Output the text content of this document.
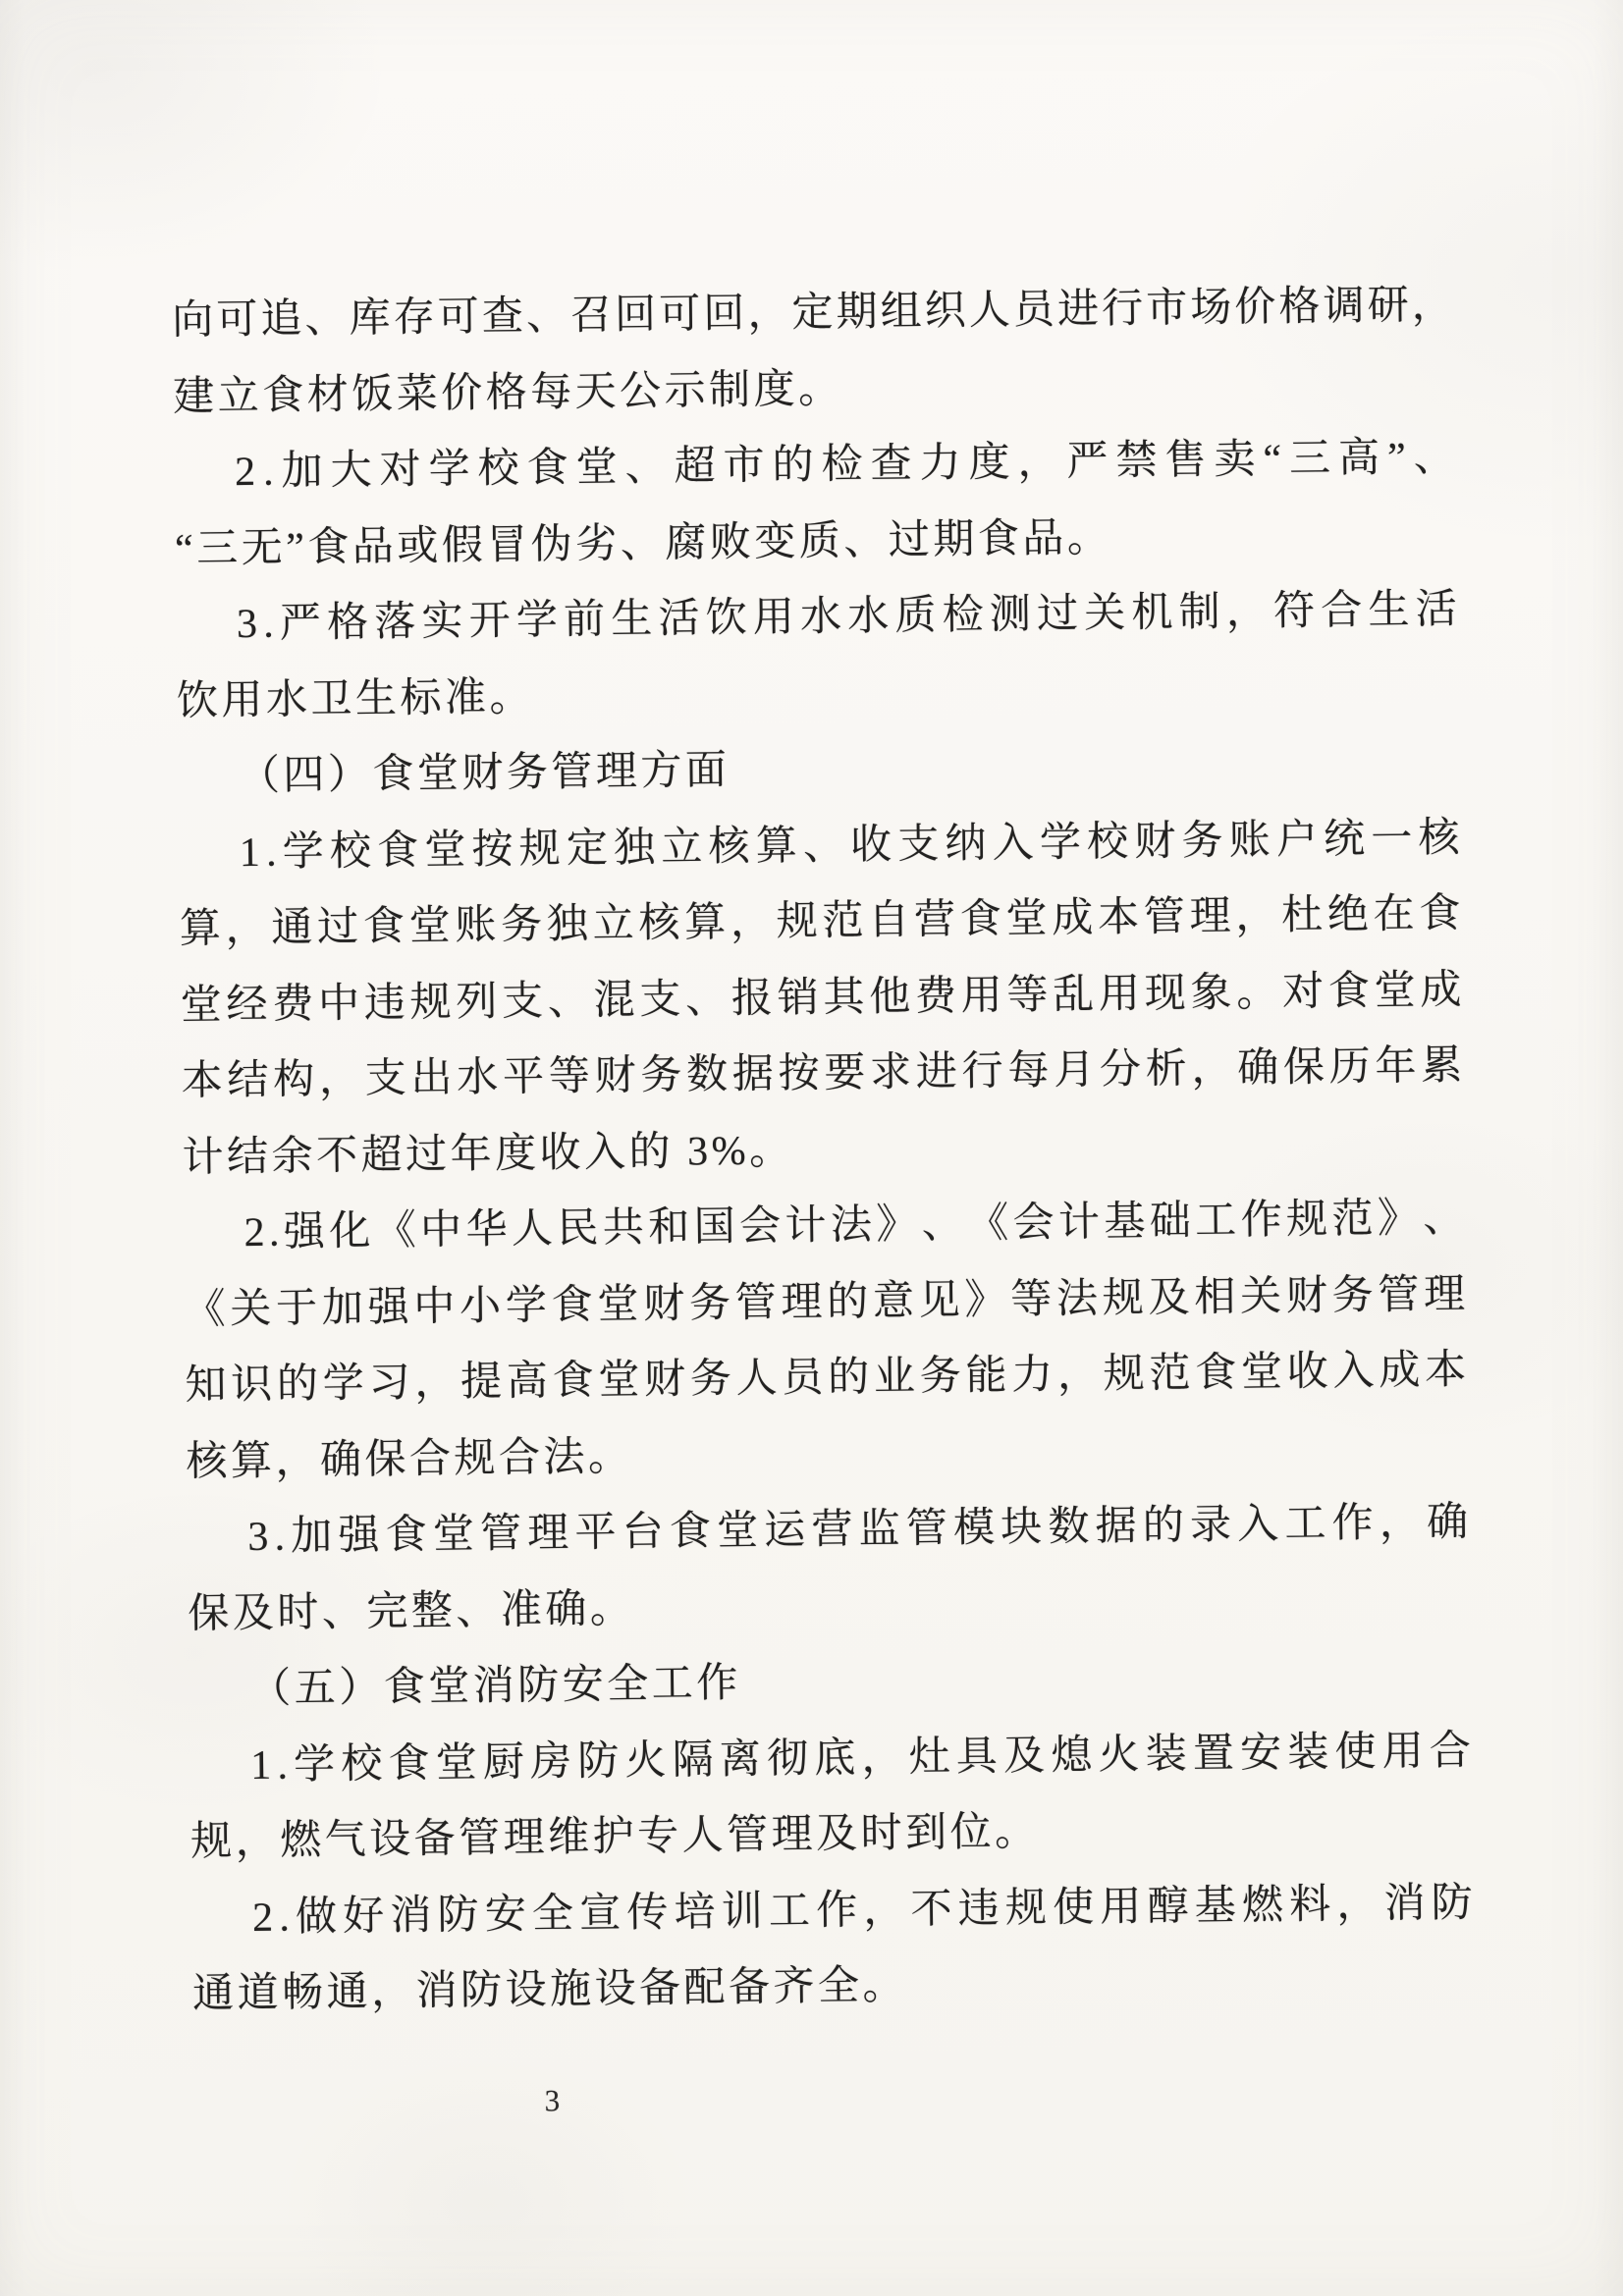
向 可 追 、 库 存 可 查 、 召 回 可 回 ， 定 期 组 织 人 员 进 行 市 场 价 格 调 研 ，
建立食材饭菜价格每天公示制度。
2 . 加 大 对 学 校 食 堂 、 超 市 的 检 查 力 度 ， 严 禁 售 卖 “ 三 高 ” 、
“三无”食品或假冒伪劣、腐败变质、过期食品。
3 . 严 格 落 实 开 学 前 生 活 饮 用 水 水 质 检 测 过 关 机 制 ， 符 合 生 活
饮用水卫生标准。
（四）食堂财务管理方面
1 . 学 校 食 堂 按 规 定 独 立 核 算 、 收 支 纳 入 学 校 财 务 账 户 统 一 核
算 ， 通 过 食 堂 账 务 独 立 核 算 ， 规 范 自 营 食 堂 成 本 管 理 ， 杜 绝 在 食
堂 经 费 中 违 规 列 支 、 混 支 、 报 销 其 他 费 用 等 乱 用 现 象 。 对 食 堂 成
本 结 构 ， 支 出 水 平 等 财 务 数 据 按 要 求 进 行 每 月 分 析 ， 确 保 历 年 累
计结余不超过年度收入的 3%。
2 . 强 化 《 中 华 人 民 共 和 国 会 计 法 》 、 《 会 计 基 础 工 作 规 范 》 、
《 关 于 加 强 中 小 学 食 堂 财 务 管 理 的 意 见 》 等 法 规 及 相 关 财 务 管 理
知 识 的 学 习 ， 提 高 食 堂 财 务 人 员 的 业 务 能 力 ， 规 范 食 堂 收 入 成 本
核算，确保合规合法。
3 . 加 强 食 堂 管 理 平 台 食 堂 运 营 监 管 模 块 数 据 的 录 入 工 作 ， 确
保及时、完整、准确。
（五）食堂消防安全工作
1 . 学 校 食 堂 厨 房 防 火 隔 离 彻 底 ， 灶 具 及 熄 火 装 置 安 装 使 用 合
规，燃气设备管理维护专人管理及时到位。
2 . 做 好 消 防 安 全 宣 传 培 训 工 作 ， 不 违 规 使 用 醇 基 燃 料 ， 消 防
通道畅通，消防设施设备配备齐全。
3
